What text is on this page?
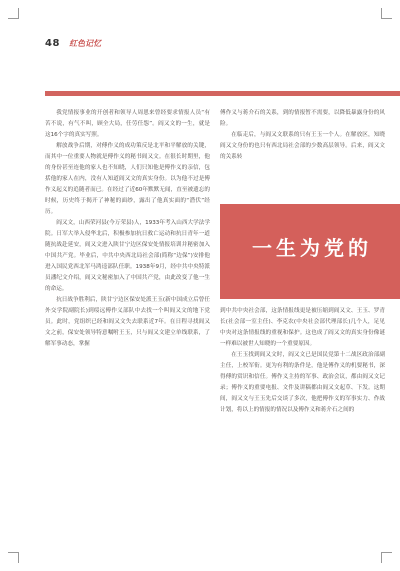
48 红色记忆

我党情报事业的开创者和领导人周恩来曾经要求情报人员“有苦不说，有气不叫，顾全大局，任劳任怨”。阎又文的一生，就是这16个字的真实写照。

解放战争后期，对傅作义的成功策反是北平和平解放的关键，而其中一位重要人物就是傅作义的秘书阎又文。在很长时期里，他的身份甚至连他的家人也不知晓，人们只知他是傅作义的亲信，包括他的家人在内，没有人知道阎又文的真实身份。以为他不过是傅作义起义的追随者而已。在经过了近60年默默无闻，直至被遗忘的时候，历史终于揭开了神秘的面纱，露出了他真实面的“潜伏”经历。

阎又文，山西荣河县(今万荣县)人，1933年考入山西大学法学院。日军大举入侵华北后，积极参加抗日救亡运动和抗日青年一道随抗战赴延安，阎又文进入陕甘宁边区保安处情报培训并秘密加入中国共产党。毕业后，中共中央西北局社会部(简称“边保”)安排他进入国民党西北军马鸿逵部队任职。1938年9月，经中共中央特派员潘纪文介绍，阎又文秘密加入了中国共产党，由此改变了他一生的命运。

抗日战争胜利后，陕甘宁边区保安处派王玉(新中国成立后曾任外交学院副院长)到绥远傅作义部队中去找一个叫阎又文的地下党员。此时，党组织已经和阎又文失去联系近7年。在日程寻找阎又文之前，保安处领导特意嘱咐王玉，只与阎又文建立单线联系，了解军事动态，掌握

傅作义与蒋介石的关系，到的情报暂不需要，以降低暴露身份的风险。

在临走后，与阎又文联系的只有王玉一个人。在解放区，知晓阎又文身份的也只有西北局社会部的少数高层领导。后来，阎又文的关系转

一生为党的

到中共中央社会部，这条情报线更是被压缩到阎又文、王玉、罗青长(社会部一室主任)、李克农(中央社会部代理部长)几个人，足见中央对这条情报线的重视和保护。这也成了阎又文的真实身份像谜一样难以被世人知晓的一个重要原因。

在王玉找到阎又文时，阎又文已是国民党第十二战区政治部副主任，上校军衔。更为有利的条件是，他是傅作义的机要秘书，深得傅的赏识和信任。傅作义主持的军事、政治会议，都由阎又文记录；傅作义的重要电报、文件及讲稿都由阎又文起草、下发。这期间，阎又文与王玉先后交谈了多次，他把傅作义的军事实力、作战计划，将以上的情报的情况以及傅作义和蒋介石之间的
